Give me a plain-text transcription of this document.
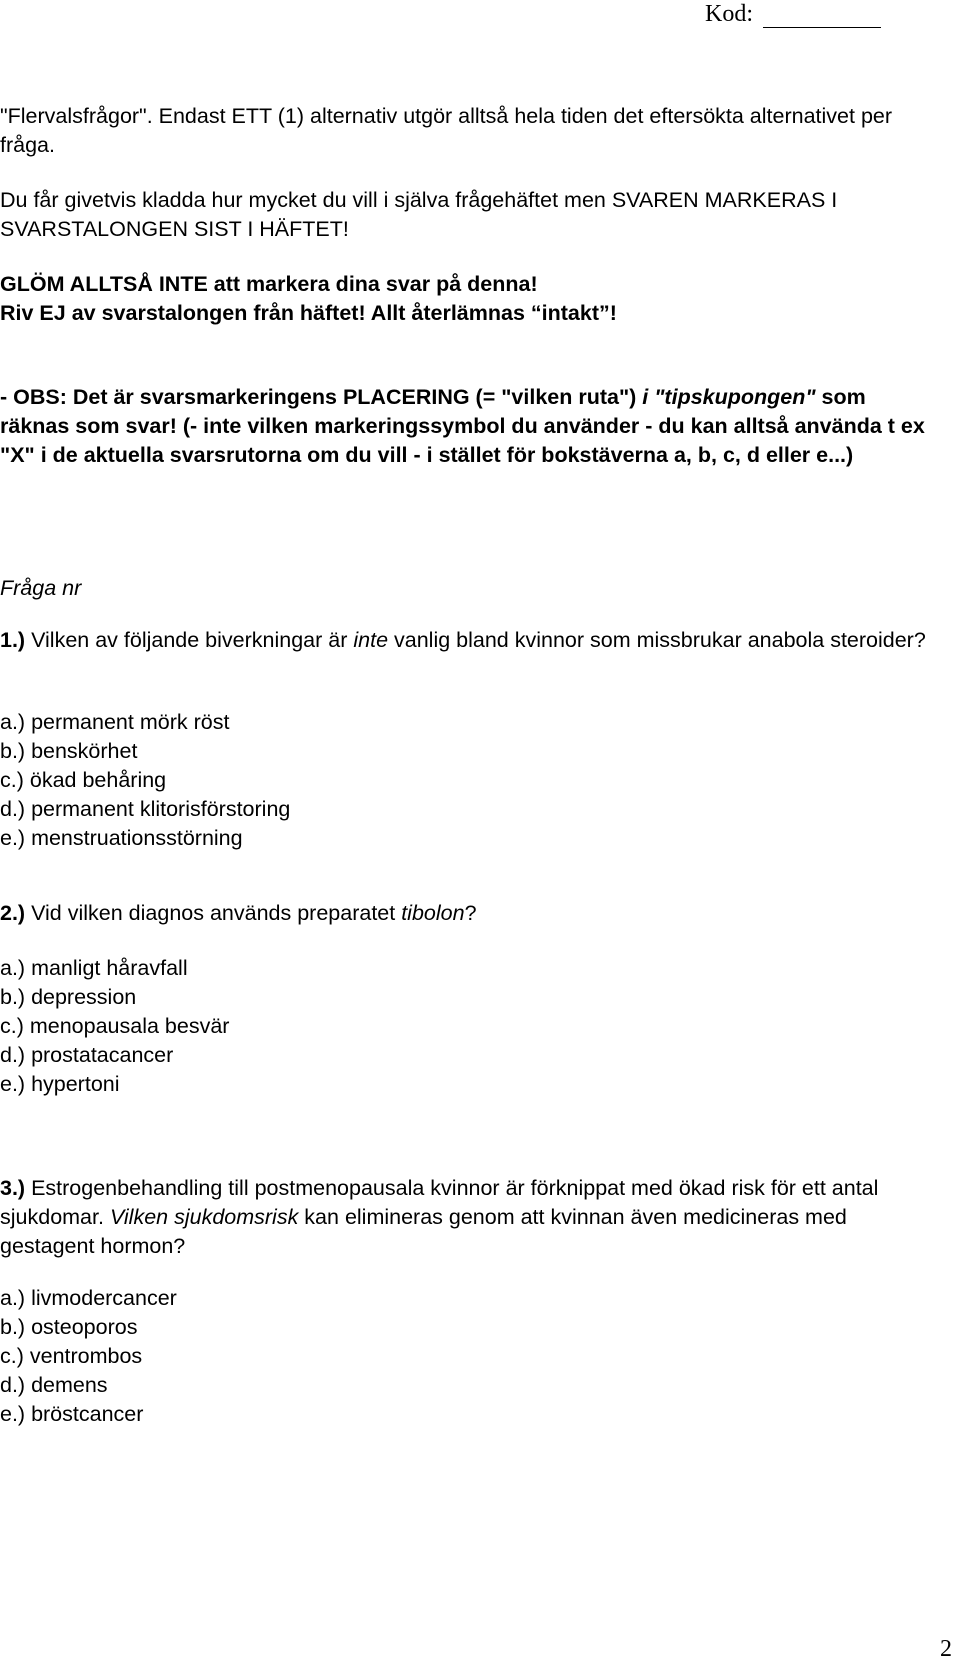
Kod:

"Flervalsfrågor". Endast ETT (1) alternativ utgör alltså hela tiden det eftersökta alternativet per fråga.

Du får givetvis kladda hur mycket du vill i själva frågehäftet men SVAREN MARKERAS I SVARSTALONGEN SIST I HÄFTET!

GLÖM ALLTSÅ INTE att markera dina svar på denna!

Riv EJ av svarstalongen från häftet! Allt återlämnas “intakt”!

- OBS: Det är svarsmarkeringens PLACERING (= "vilken ruta") i "tipskupongen" som räknas som svar! (- inte vilken markeringssymbol du använder - du kan alltså använda t ex "X" i de aktuella svarsrutorna om du vill - i stället för bokstäverna a, b, c, d eller e...)

Fråga nr

1.) Vilken av följande biverkningar är inte vanlig bland kvinnor som missbrukar anabola steroider?

a.) permanent mörk röst
b.) benskörhet
c.) ökad behåring
d.) permanent klitorisförstoring
e.) menstruationsstörning

2.) Vid vilken diagnos används preparatet tibolon?

a.) manligt håravfall
b.) depression
c.) menopausala besvär
d.) prostatacancer
e.) hypertoni

3.) Estrogenbehandling till postmenopausala kvinnor är förknippat med ökad risk för ett antal sjukdomar. Vilken sjukdomsrisk kan elimineras genom att kvinnan även medicineras med gestagent hormon?

a.) livmodercancer
b.) osteoporos
c.) ventrombos
d.) demens
e.) bröstcancer
2
